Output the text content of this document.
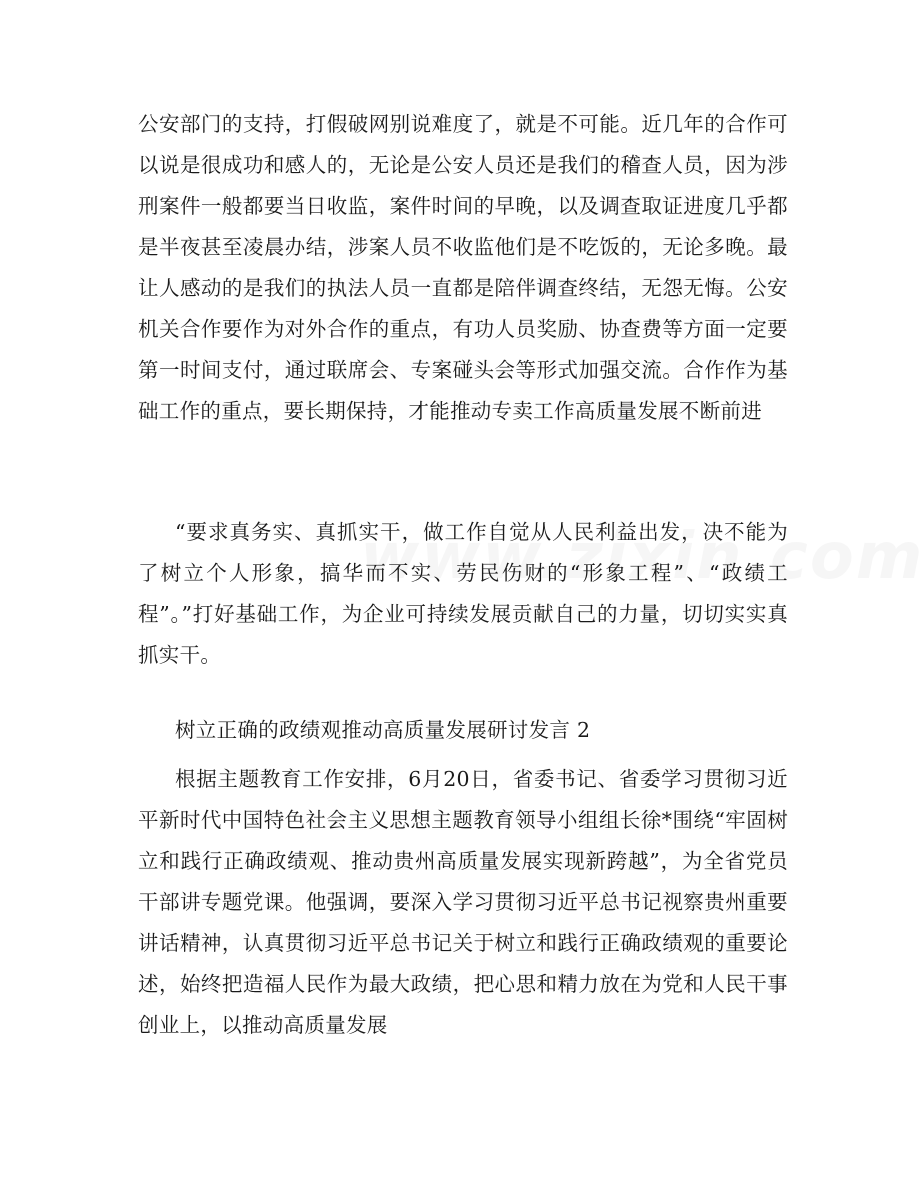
公安部门的支持，打假破网别说难度了，就是不可能。近几年的合作可以说是很成功和感人的，无论是公安人员还是我们的稽查人员，因为涉刑案件一般都要当日收监，案件时间的早晚，以及调查取证进度几乎都是半夜甚至凌晨办结，涉案人员不收监他们是不吃饭的，无论多晚。最让人感动的是我们的执法人员一直都是陪伴调查终结，无怨无悔。公安机关合作要作为对外合作的重点，有功人员奖励、协查费等方面一定要第一时间支付，通过联席会、专案碰头会等形式加强交流。合作作为基础工作的重点，要长期保持，才能推动专卖工作高质量发展不断前进

“要求真务实、真抓实干，做工作自觉从人民利益出发，决不能为了树立个人形象，搞华而不实、劳民伤财的“形象工程”、“政绩工程”。”打好基础工作，为企业可持续发展贡献自己的力量，切切实实真抓实干。

树立正确的政绩观推动高质量发展研讨发言 2

根据主题教育工作安排，6月20日，省委书记、省委学习贯彻习近平新时代中国特色社会主义思想主题教育领导小组组长徐*围绕“牢固树立和践行正确政绩观、推动贵州高质量发展实现新跨越”，为全省党员干部讲专题党课。他强调，要深入学习贯彻习近平总书记视察贵州重要讲话精神，认真贯彻习近平总书记关于树立和践行正确政绩观的重要论述，始终把造福人民作为最大政绩，把心思和精力放在为党和人民干事创业上，以推动高质量发展
